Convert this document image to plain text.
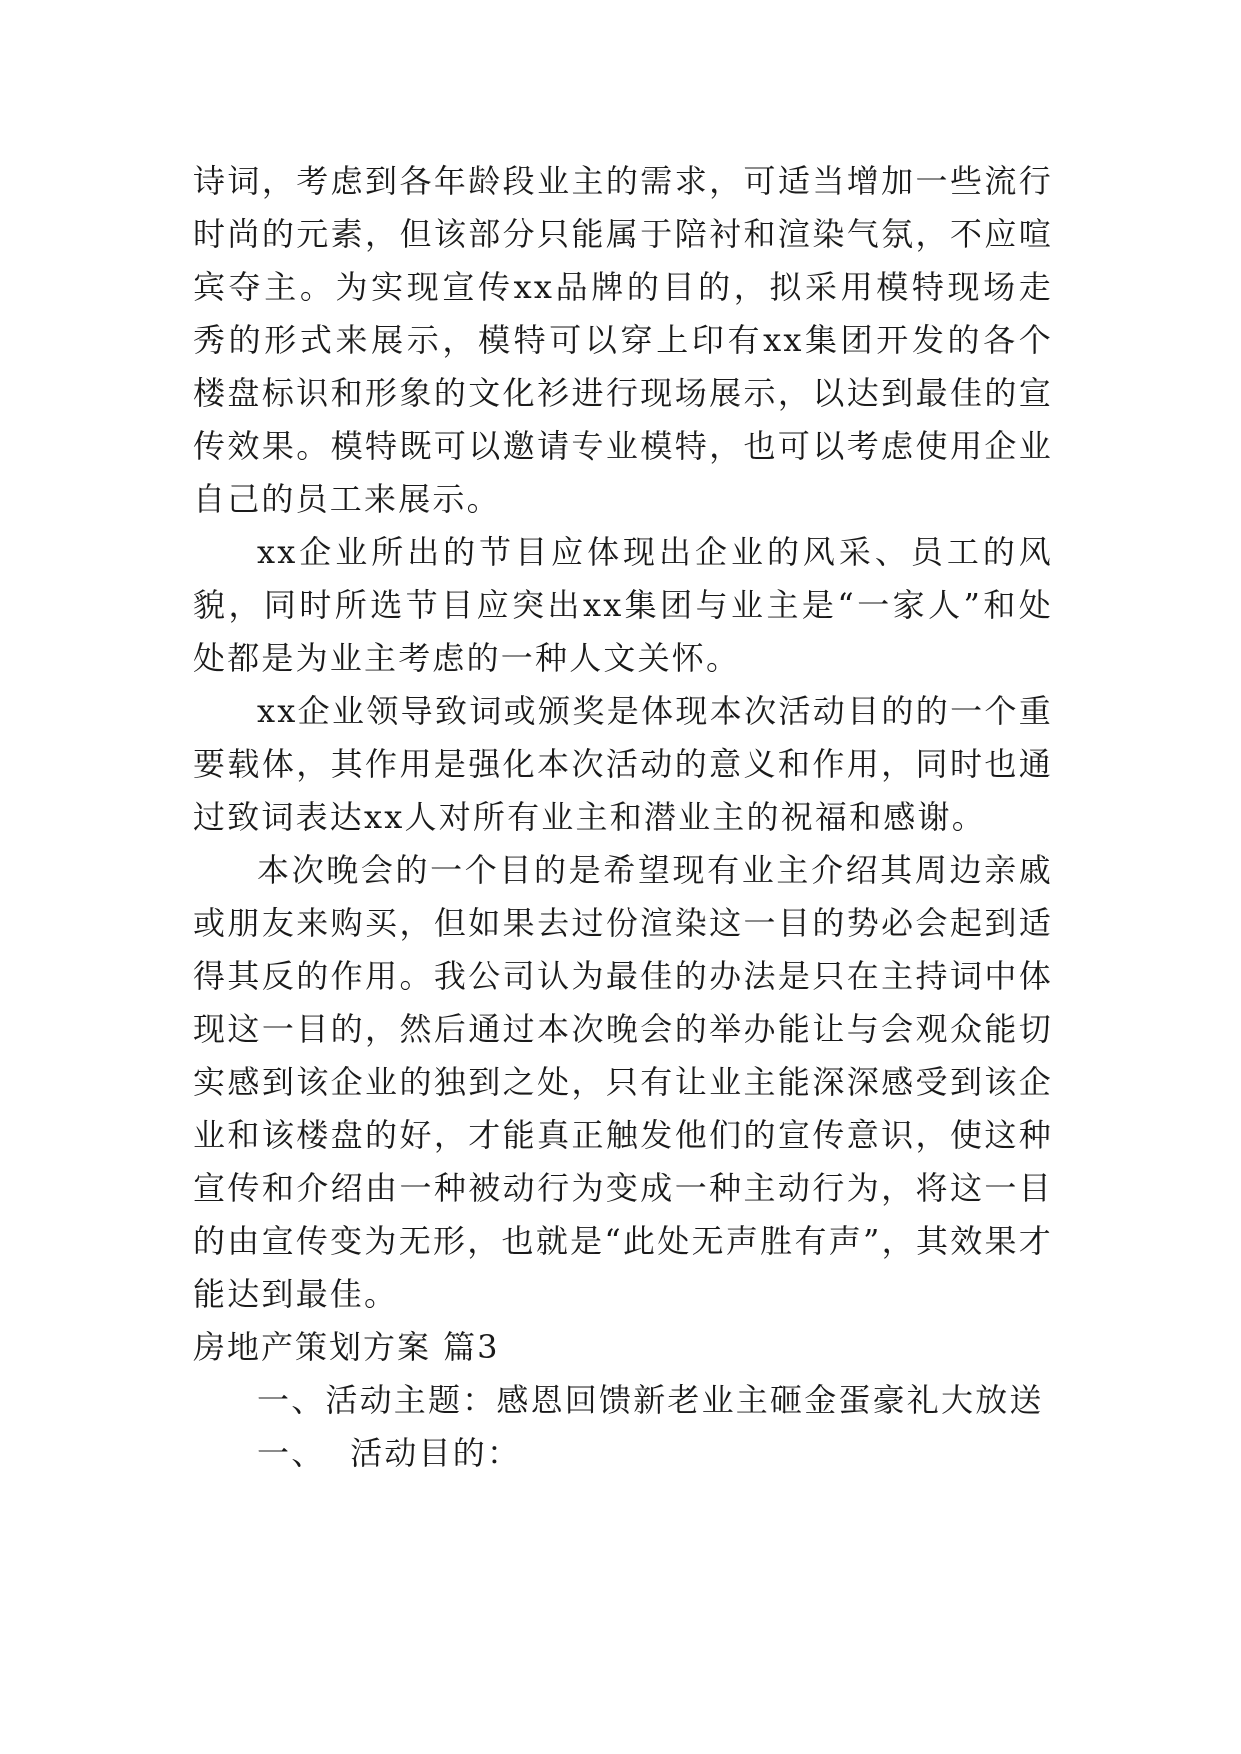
诗词，考虑到各年龄段业主的需求，可适当增加一些流行时尚的元素，但该部分只能属于陪衬和渲染气氛，不应喧宾夺主。为实现宣传xx品牌的目的，拟采用模特现场走秀的形式来展示，模特可以穿上印有xx集团开发的各个楼盘标识和形象的文化衫进行现场展示，以达到最佳的宣传效果。模特既可以邀请专业模特，也可以考虑使用企业自己的员工来展示。

xx企业所出的节目应体现出企业的风采、员工的风貌，同时所选节目应突出xx集团与业主是“一家人”和处处都是为业主考虑的一种人文关怀。

xx企业领导致词或颁奖是体现本次活动目的的一个重要载体，其作用是强化本次活动的意义和作用，同时也通过致词表达xx人对所有业主和潜业主的祝福和感谢。

本次晚会的一个目的是希望现有业主介绍其周边亲戚或朋友来购买，但如果去过份渲染这一目的势必会起到适得其反的作用。我公司认为最佳的办法是只在主持词中体现这一目的，然后通过本次晚会的举办能让与会观众能切实感到该企业的独到之处，只有让业主能深深感受到该企业和该楼盘的好，才能真正触发他们的宣传意识，使这种宣传和介绍由一种被动行为变成一种主动行为，将这一目的由宣传变为无形，也就是“此处无声胜有声”，其效果才能达到最佳。

房地产策划方案 篇3

一、活动主题：感恩回馈新老业主砸金蛋豪礼大放送

一、  活动目的：
